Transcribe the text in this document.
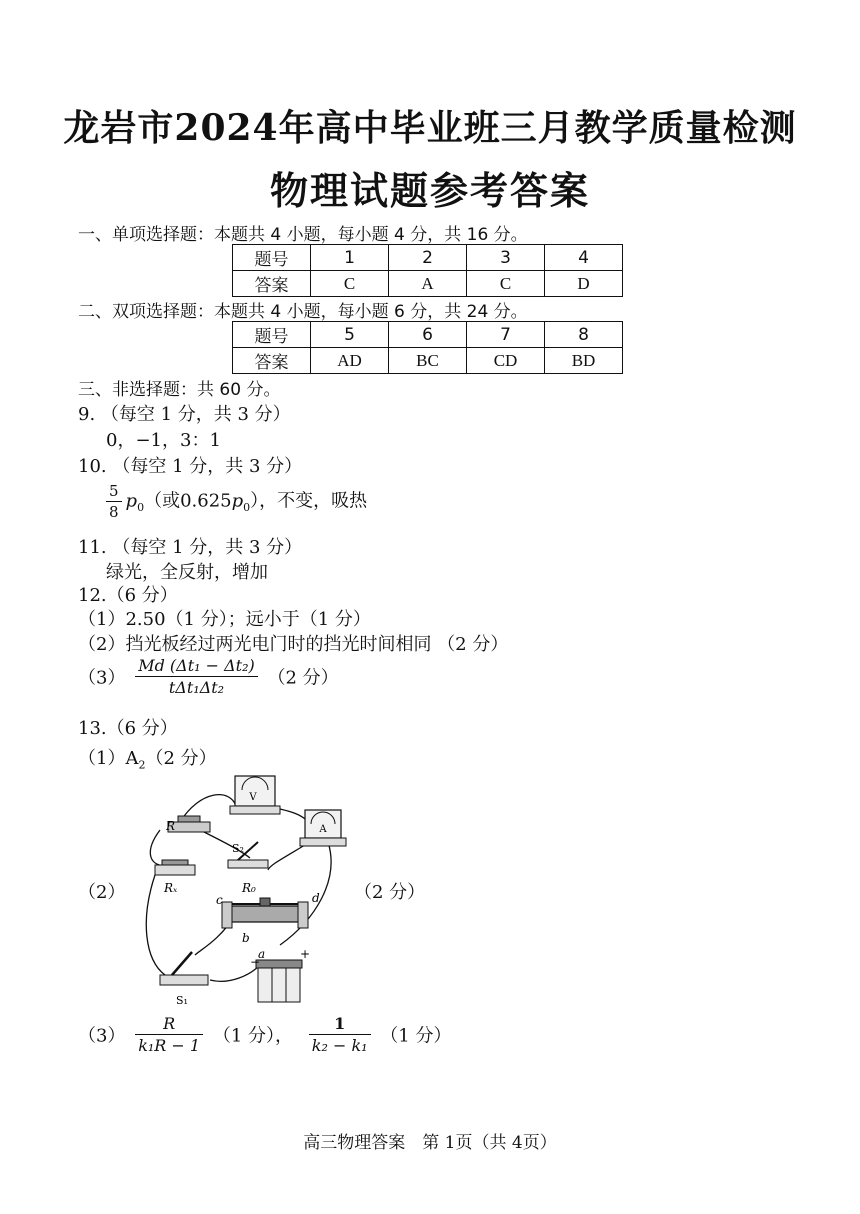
龙岩市2024年高中毕业班三月教学质量检测
物理试题参考答案
一、单项选择题：本题共 4 小题，每小题 4 分，共 16 分。
题号	1	2	3	4
答案	C	A	C	D
二、双项选择题：本题共 4 小题，每小题 6 分，共 24 分。
题号	5	6	7	8
答案	AD	BC	CD	BD
三、非选择题：共 60 分。
9. （每空 1 分，共 3 分）
0，−1，3：1
10. （每空 1 分，共 3 分）
$\frac{5}{8} p_0$（或$0.625p_0$），不变，吸热
11. （每空 1 分，共 3 分）
绿光，全反射，增加
12.（6 分）
（1）2.50（1 分）；远小于（1 分）
（2）挡光板经过两光电门时的挡光时间相同 （2 分）
$(3) \frac{\text{Md (Δt₁ − Δt₂)}}{\text{tΔt₁Δt₂}} (2$ 分）
13.（6 分）
$(1)A_2(2$ 分）
（2）	（2 分）
V
A
R
S₂
Rₓ	R₀
c	d
b
S₁
a
−
+
$(3) \frac{R}{\text{k₁R − 1}} (1$ 分）， $\frac{1}{\text{k₂ − k₁}} (1$ 分）
高三物理答案　第 1页（共 4页）
